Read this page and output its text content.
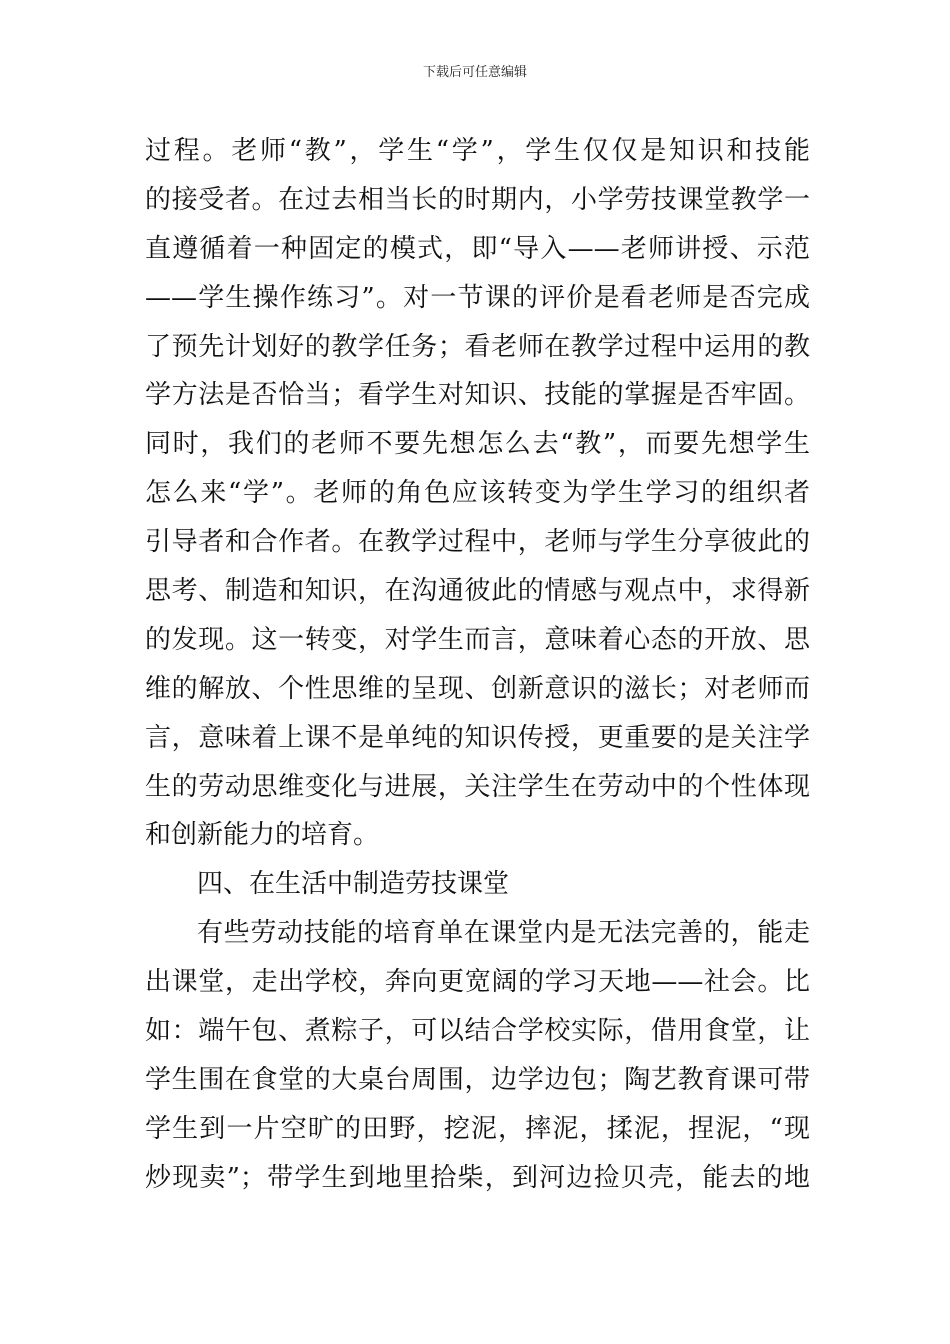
下载后可任意编辑
过程。老师“教”，学生“学”，学生仅仅是知识和技能
的接受者。在过去相当长的时期内，小学劳技课堂教学一
直遵循着一种固定的模式，即“导入——老师讲授、示范
——学生操作练习”。对一节课的评价是看老师是否完成
了预先计划好的教学任务；看老师在教学过程中运用的教
学方法是否恰当；看学生对知识、技能的掌握是否牢固。
同时，我们的老师不要先想怎么去“教”，而要先想学生
怎么来“学”。老师的角色应该转变为学生学习的组织者
引导者和合作者。在教学过程中，老师与学生分享彼此的
思考、制造和知识，在沟通彼此的情感与观点中，求得新
的发现。这一转变，对学生而言，意味着心态的开放、思
维的解放、个性思维的呈现、创新意识的滋长；对老师而
言，意味着上课不是单纯的知识传授，更重要的是关注学
生的劳动思维变化与进展，关注学生在劳动中的个性体现
和创新能力的培育。
四、在生活中制造劳技课堂
有些劳动技能的培育单在课堂内是无法完善的，能走
出课堂，走出学校，奔向更宽阔的学习天地——社会。比
如：端午包、煮粽子，可以结合学校实际，借用食堂，让
学生围在食堂的大桌台周围，边学边包；陶艺教育课可带
学生到一片空旷的田野，挖泥，摔泥，揉泥，捏泥，“现
炒现卖”；带学生到地里拾柴，到河边捡贝壳，能去的地
